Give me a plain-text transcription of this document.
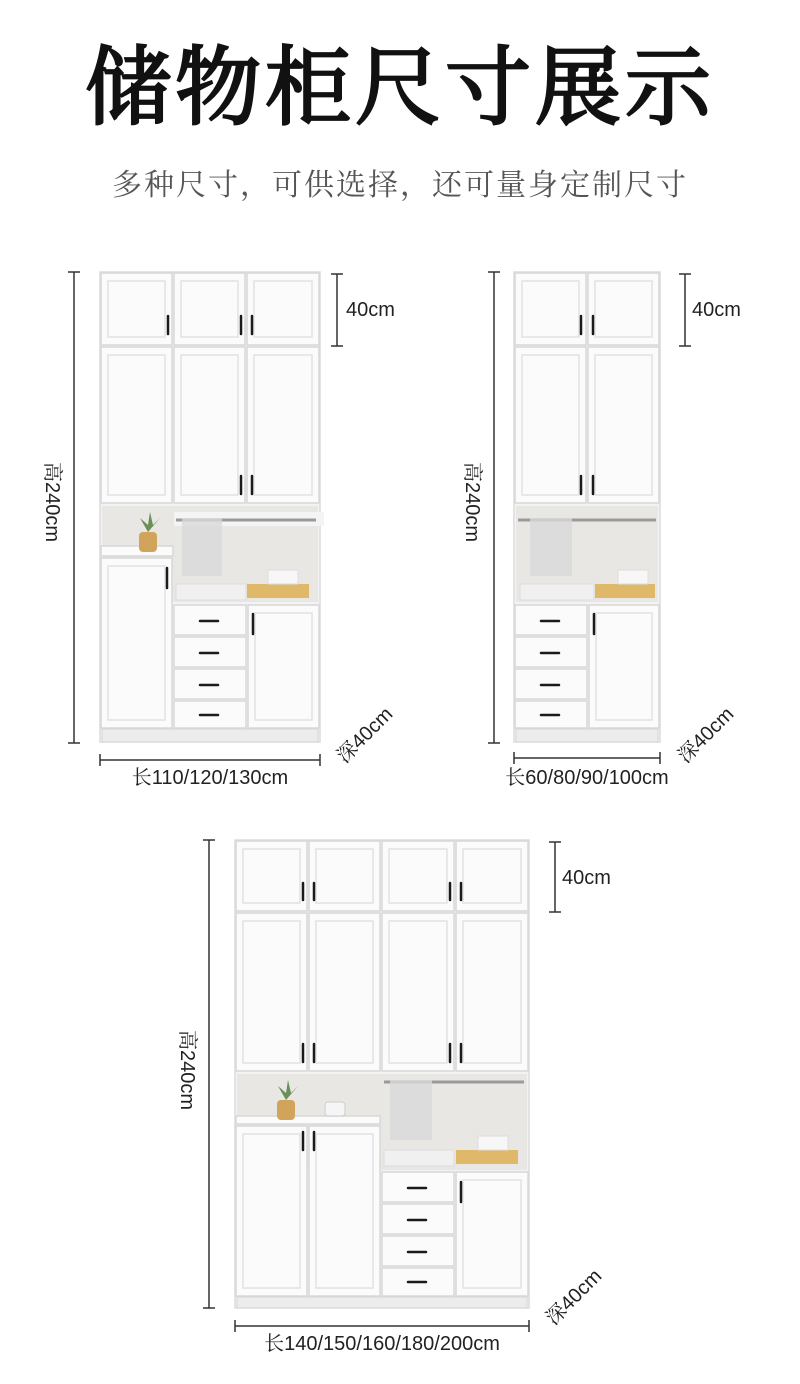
储物柜尺寸展示
多种尺寸，可供选择，还可量身定制尺寸
高240cm
40cm
深40cm
长110/120/130cm
高240cm
40cm
深40cm
长60/80/90/100cm
高240cm
40cm
深40cm
长140/150/160/180/200cm
